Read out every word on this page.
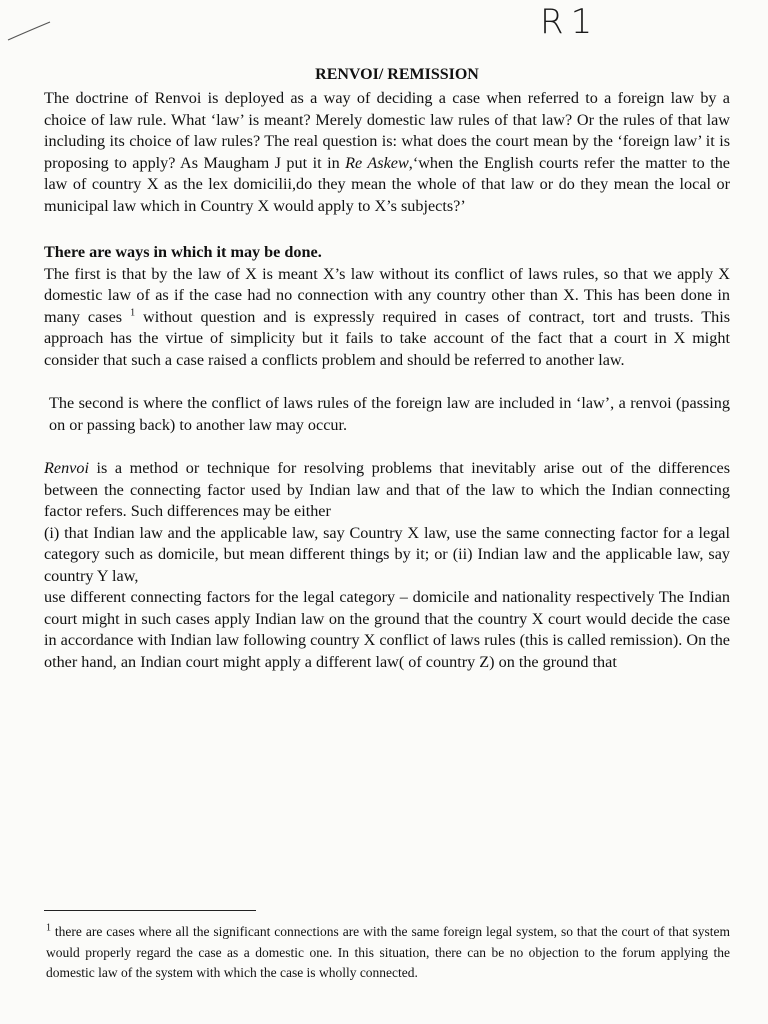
R1
RENVOI/ REMISSION

The doctrine of Renvoi is deployed as a way of deciding a case when referred to a foreign law by a choice of law rule. What ‘law’ is meant? Merely domestic law rules of that law? Or the rules of that law including its choice of law rules? The real question is: what does the court mean by the ‘foreign law’ it is proposing to apply? As Maugham J put it in Re Askew,‘when the English courts refer the matter to the law of country X as the lex domicilii,do they mean the whole of that law or do they mean the local or municipal law which in Country X would apply to X’s subjects?’

There are ways in which it may be done.

The first is that by the law of X is meant X’s law without its conflict of laws rules, so that we apply X domestic law of as if the case had no connection with any country other than X. This has been done in many cases $^1$ without question and is expressly required in cases of contract, tort and trusts. This approach has the virtue of simplicity but it fails to take account of the fact that a court in X might consider that such a case raised a conflicts problem and should be referred to another law.

The second is where the conflict of laws rules of the foreign law are included in ‘law’, a renvoi (passing on or passing back) to another law may occur.

Renvoi is a method or technique for resolving problems that inevitably arise out of the differences between the connecting factor used by Indian law and that of the law to which the Indian connecting factor refers. Such differences may be either

(i) that Indian law and the applicable law, say Country X law, use the same connecting factor for a legal category such as domicile, but mean different things by it; or (ii) Indian law and the applicable law, say country Y law,

use different connecting factors for the legal category – domicile and nationality respectively The Indian court might in such cases apply Indian law on the ground that the country X court would decide the case in accordance with Indian law following country X conflict of laws rules (this is called remission). On the other hand, an Indian court might apply a different law( of country Z) on the ground that

$^1$ there are cases where all the significant connections are with the same foreign legal system, so that the court of that system would properly regard the case as a domestic one. In this situation, there can be no objection to the forum applying the domestic law of the system with which the case is wholly connected.
